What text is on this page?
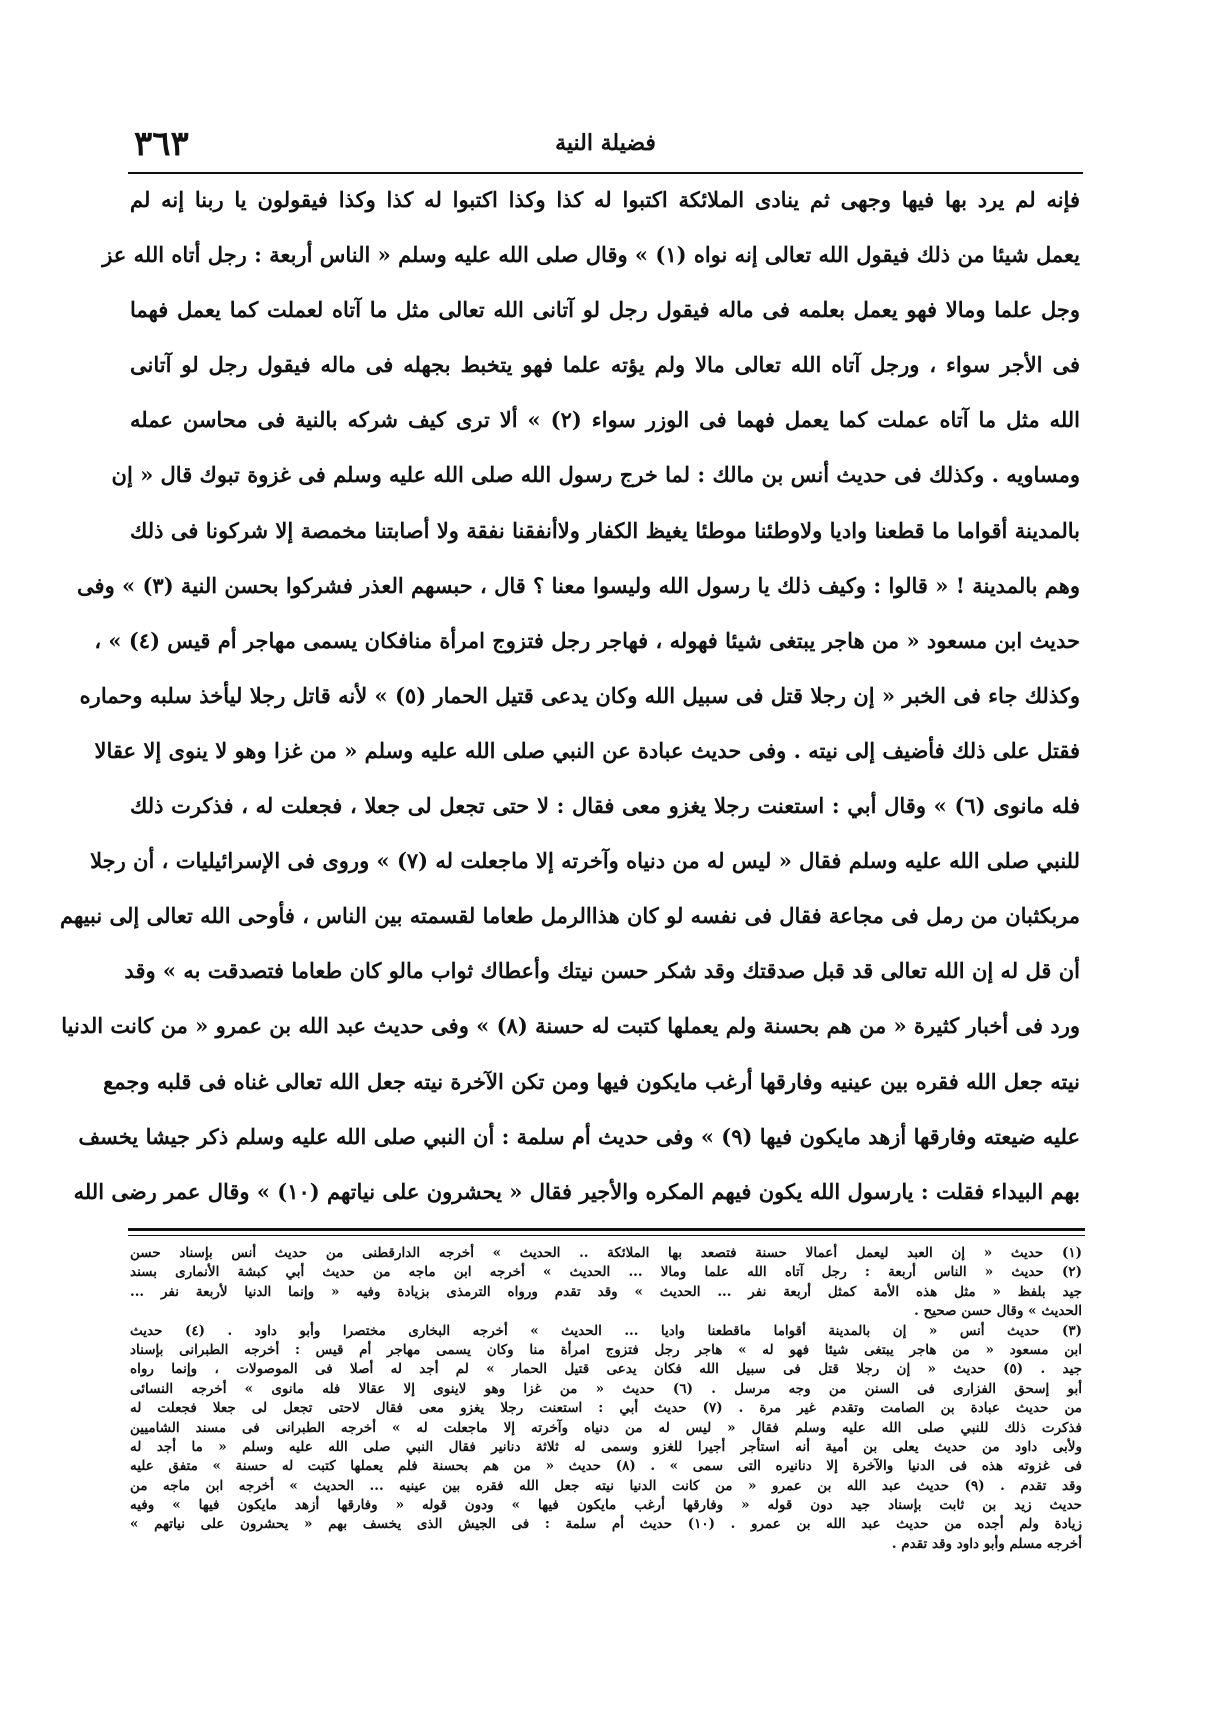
٣٦٣	فضيلة النية
فإنه لم يرد بها فيها وجهى ثم ينادى الملائكة اكتبوا له كذا وكذا اكتبوا له كذا وكذا فيقولون يا ربنا إنه لم
يعمل شيئا من ذلك فيقول الله تعالى إنه نواه (١) » وقال صلى الله عليه وسلم « الناس أربعة : رجل أتاه الله عز
وجل علما ومالا فهو يعمل بعلمه فى ماله فيقول رجل لو آتانى الله تعالى مثل ما آتاه لعملت كما يعمل فهما
فى الأجر سواء ، ورجل آتاه الله تعالى مالا ولم يؤته علما فهو يتخبط بجهله فى ماله فيقول رجل لو آتانى
الله مثل ما آتاه عملت كما يعمل فهما فى الوزر سواء (٢) » ألا ترى كيف شركه بالنية فى محاسن عمله
ومساويه . وكذلك فى حديث أنس بن مالك : لما خرج رسول الله صلى الله عليه وسلم فى غزوة تبوك قال « إن
بالمدينة أقواما ما قطعنا واديا ولاوطئنا موطئا يغيظ الكفار ولاأنفقنا نفقة ولا أصابتنا مخمصة إلا شركونا فى ذلك
وهم بالمدينة ! « قالوا : وكيف ذلك يا رسول الله وليسوا معنا ؟ قال ، حبسهم العذر فشركوا بحسن النية (٣) » وفى
حديث ابن مسعود « من هاجر يبتغى شيئا فهوله ، فهاجر رجل فتزوج امرأة منافكان يسمى مهاجر أم قيس (٤) » ،
وكذلك جاء فى الخبر « إن رجلا قتل فى سبيل الله وكان يدعى قتيل الحمار (٥) » لأنه قاتل رجلا ليأخذ سلبه وحماره
فقتل على ذلك فأضيف إلى نيته . وفى حديث عبادة عن النبي صلى الله عليه وسلم « من غزا وهو لا ينوى إلا عقالا
فله مانوى (٦) » وقال أبي : استعنت رجلا يغزو معى فقال : لا حتى تجعل لى جعلا ، فجعلت له ، فذكرت ذلك
للنبي صلى الله عليه وسلم فقال « ليس له من دنياه وآخرته إلا ماجعلت له (٧) » وروى فى الإسرائيليات ، أن رجلا
مربكثبان من رمل فى مجاعة فقال فى نفسه لو كان هذاالرمل طعاما لقسمته بين الناس ، فأوحى الله تعالى إلى نبيهم
أن قل له إن الله تعالى قد قبل صدقتك وقد شكر حسن نيتك وأعطاك ثواب مالو كان طعاما فتصدقت به » وقد
ورد فى أخبار كثيرة « من هم بحسنة ولم يعملها كتبت له حسنة (٨) » وفى حديث عبد الله بن عمرو « من كانت الدنيا
نيته جعل الله فقره بين عينيه وفارقها أرغب مايكون فيها ومن تكن الآخرة نيته جعل الله تعالى غناه فى قلبه وجمع
عليه ضيعته وفارقها أزهد مايكون فيها (٩) » وفى حديث أم سلمة : أن النبي صلى الله عليه وسلم ذكر جيشا يخسف
بهم البيداء فقلت : يارسول الله يكون فيهم المكره والأجير فقال « يحشرون على نياتهم (١٠) » وقال عمر رضى الله
(١) حديث « إن العبد ليعمل أعمالا حسنة فتصعد بها الملائكة .. الحديث » أخرجه الدارقطنى من حديث أنس بإسناد حسن
(٢) حديث « الناس أربعة : رجل آتاه الله علما ومالا ... الحديث » أخرجه ابن ماجه من حديث أبي كبشة الأنمارى بسند
جيد بلفظ « مثل هذه الأمة كمثل أربعة نفر ... الحديث » وقد تقدم ورواه الترمذى بزيادة وفيه « وإنما الدنيا لأربعة نفر ...
الحديث » وقال حسن صحيح .
(٣) حديث أنس « إن بالمدينة أقواما ماقطعنا واديا ... الحديث » أخرجه البخارى مختصرا وأبو داود . (٤) حديث
ابن مسعود « من هاجر يبتغى شيئا فهو له » هاجر رجل فتزوج امرأة منا وكان يسمى مهاجر أم قيس : أخرجه الطبرانى بإسناد
جيد . (٥) حديث « إن رجلا قتل فى سبيل الله فكان يدعى قتيل الحمار » لم أجد له أصلا فى الموصولات ، وإنما رواه
أبو إسحق الفزارى فى السنن من وجه مرسل . (٦) حديث « من غزا وهو لاينوى إلا عقالا فله مانوى » أخرجه النسائى
من حديث عبادة بن الصامت وتقدم غير مرة . (٧) حديث أبي : استعنت رجلا يغزو معى فقال لاحتى تجعل لى جعلا فجعلت له
فذكرت ذلك للنبي صلى الله عليه وسلم فقال « ليس له من دنياه وآخرته إلا ماجعلت له » أخرجه الطبرانى فى مسند الشاميين
ولأبى داود من حديث يعلى بن أمية أنه استأجر أجيرا للغزو وسمى له ثلاثة دنانير فقال النبي صلى الله عليه وسلم « ما أجد له
فى غزوته هذه فى الدنيا والآخرة إلا دنانيره التى سمى » . (٨) حديث « من هم بحسنة فلم يعملها كتبت له حسنة » متفق عليه
وقد تقدم . (٩) حديث عبد الله بن عمرو « من كانت الدنيا نيته جعل الله فقره بين عينيه ... الحديث » أخرجه ابن ماجه من
حديث زيد بن ثابت بإسناد جيد دون قوله « وفارقها أرغب مايكون فيها » ودون قوله « وفارقها أزهد مايكون فيها » وفيه
زيادة ولم أجده من حديث عبد الله بن عمرو . (١٠) حديث أم سلمة : فى الجيش الذى يخسف بهم « يحشرون على نياتهم »
أخرجه مسلم وأبو داود وقد تقدم .
